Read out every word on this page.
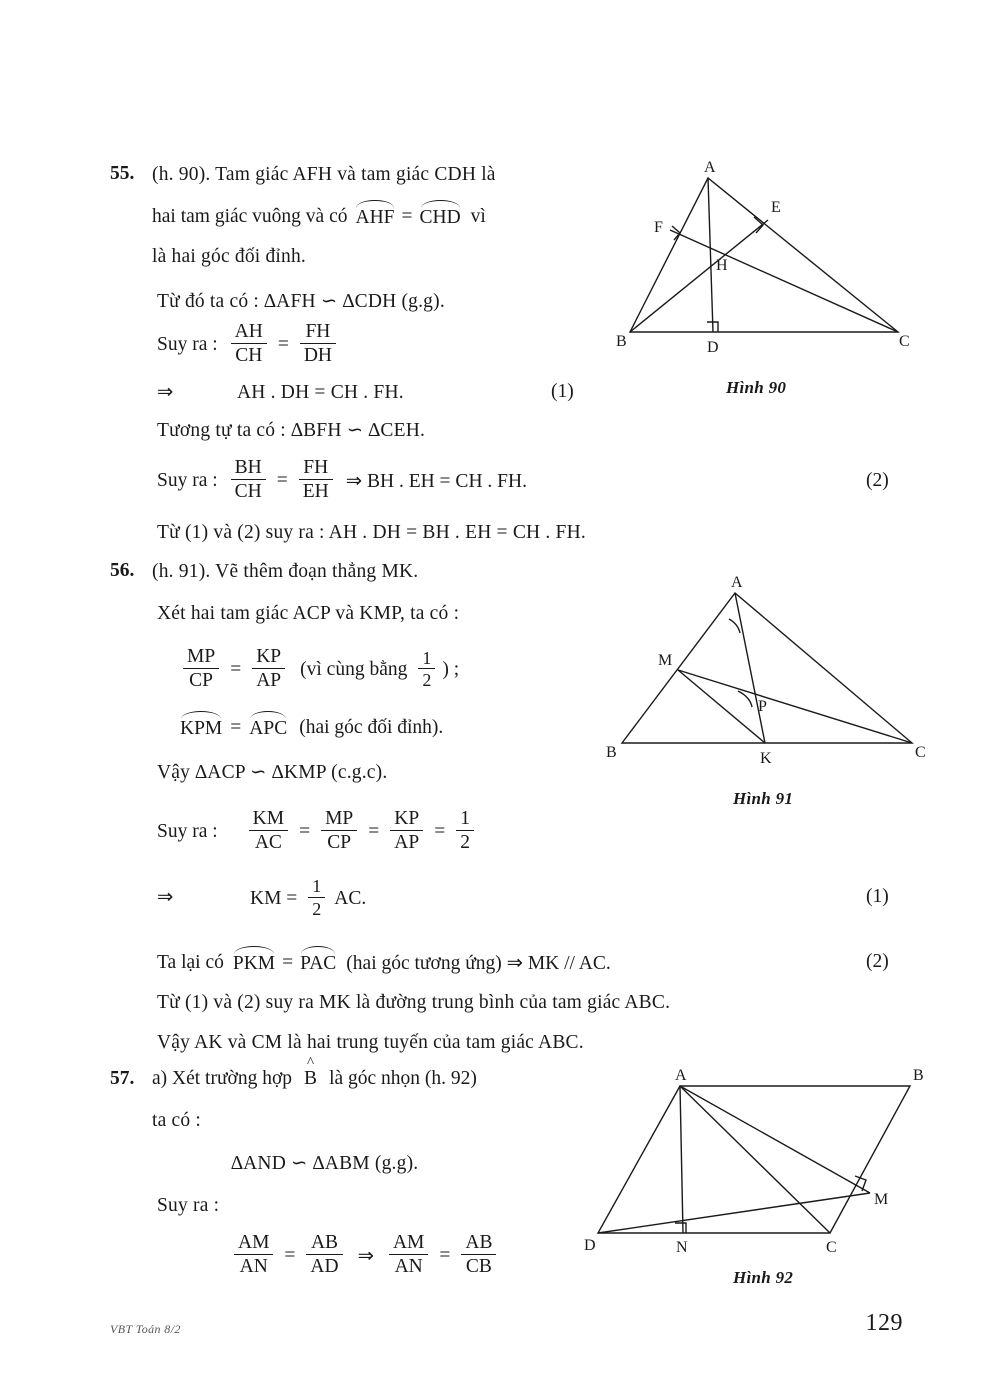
55. (h. 90). Tam giác AFH và tam giác CDH là
hai tam giác vuông và có AHF = CHD vì
là hai góc đối đỉnh.
Từ đó ta có : ∆AFH ∽ ∆CDH (g.g).
Suy ra : $\frac{AH}{CH} = \frac{FH}{DH}$
⇒	AH . DH = CH . FH.	(1)
Tương tự ta có : ∆BFH ∽ ∆CEH.
Suy ra : $\frac{BH}{CH} = \frac{FH}{EH}$ ⇒ BH . EH = CH . FH.	(2)
Từ (1) và (2) suy ra : AH . DH = BH . EH = CH . FH.
A
E
F
H
B	D	C
Hình 90
56. (h. 91). Vẽ thêm đoạn thẳng MK.
Xét hai tam giác ACP và KMP, ta có :
$\frac{MP}{CP} = \frac{KP}{AP}$ (vì cùng bằng $\frac{1}{2}$ ) ;
KPM = APC (hai góc đối đỉnh).
Vậy ∆ACP ∽ ∆KMP (c.g.c).
Suy ra : $\frac{KM}{AC} = \frac{MP}{CP} = \frac{KP}{AP} = \frac{1}{2}$
⇒	KM = $\frac{1}{2}$ AC.	(1)
Ta lại có PKM = PAC (hai góc tương ứng) ⇒ MK // AC.	(2)
Từ (1) và (2) suy ra MK là đường trung bình của tam giác ABC.
Vậy AK và CM là hai trung tuyến của tam giác ABC.
A
M
P
B	K	C
Hình 91
57. a) Xét trường hợp ^ B là góc nhọn (h. 92)
ta có :
∆AND ∽ ∆ABM (g.g).
Suy ra :
$\frac{AM}{AN} = \frac{AB}{AD}$ ⇒ $\frac{AM}{AN} = \frac{AB}{CB}$
A	B
M
D	N	C
Hình 92
VBT Toán 8/2	129
